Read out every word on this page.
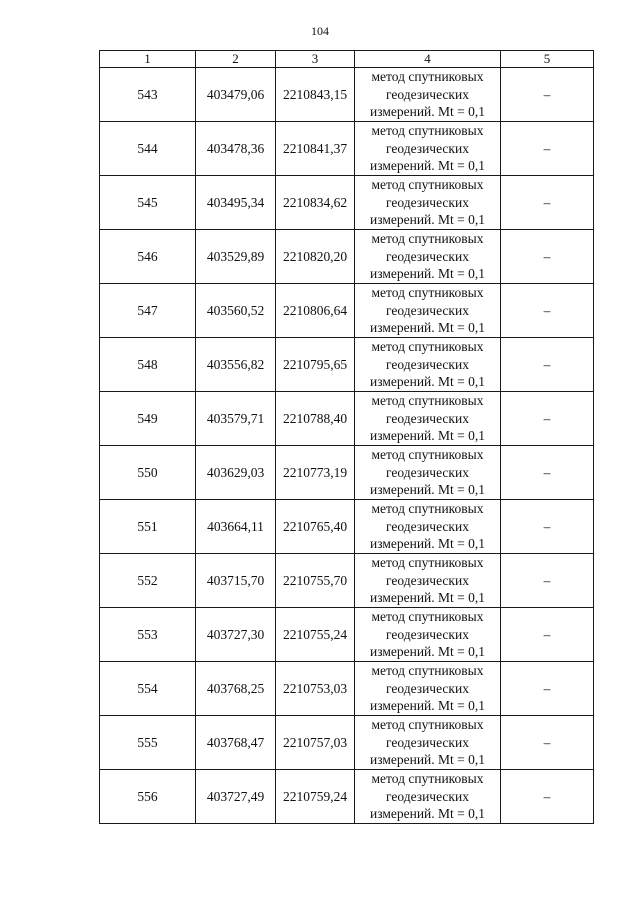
104
1	2	3	4	5
543	403479,06	2210843,15	метод спутниковых
геодезических
измерений. Mt = 0,1	–
544	403478,36	2210841,37	метод спутниковых
геодезических
измерений. Mt = 0,1	–
545	403495,34	2210834,62	метод спутниковых
геодезических
измерений. Mt = 0,1	–
546	403529,89	2210820,20	метод спутниковых
геодезических
измерений. Mt = 0,1	–
547	403560,52	2210806,64	метод спутниковых
геодезических
измерений. Mt = 0,1	–
548	403556,82	2210795,65	метод спутниковых
геодезических
измерений. Mt = 0,1	–
549	403579,71	2210788,40	метод спутниковых
геодезических
измерений. Mt = 0,1	–
550	403629,03	2210773,19	метод спутниковых
геодезических
измерений. Mt = 0,1	–
551	403664,11	2210765,40	метод спутниковых
геодезических
измерений. Mt = 0,1	–
552	403715,70	2210755,70	метод спутниковых
геодезических
измерений. Mt = 0,1	–
553	403727,30	2210755,24	метод спутниковых
геодезических
измерений. Mt = 0,1	–
554	403768,25	2210753,03	метод спутниковых
геодезических
измерений. Mt = 0,1	–
555	403768,47	2210757,03	метод спутниковых
геодезических
измерений. Mt = 0,1	–
556	403727,49	2210759,24	метод спутниковых
геодезических
измерений. Mt = 0,1	–
